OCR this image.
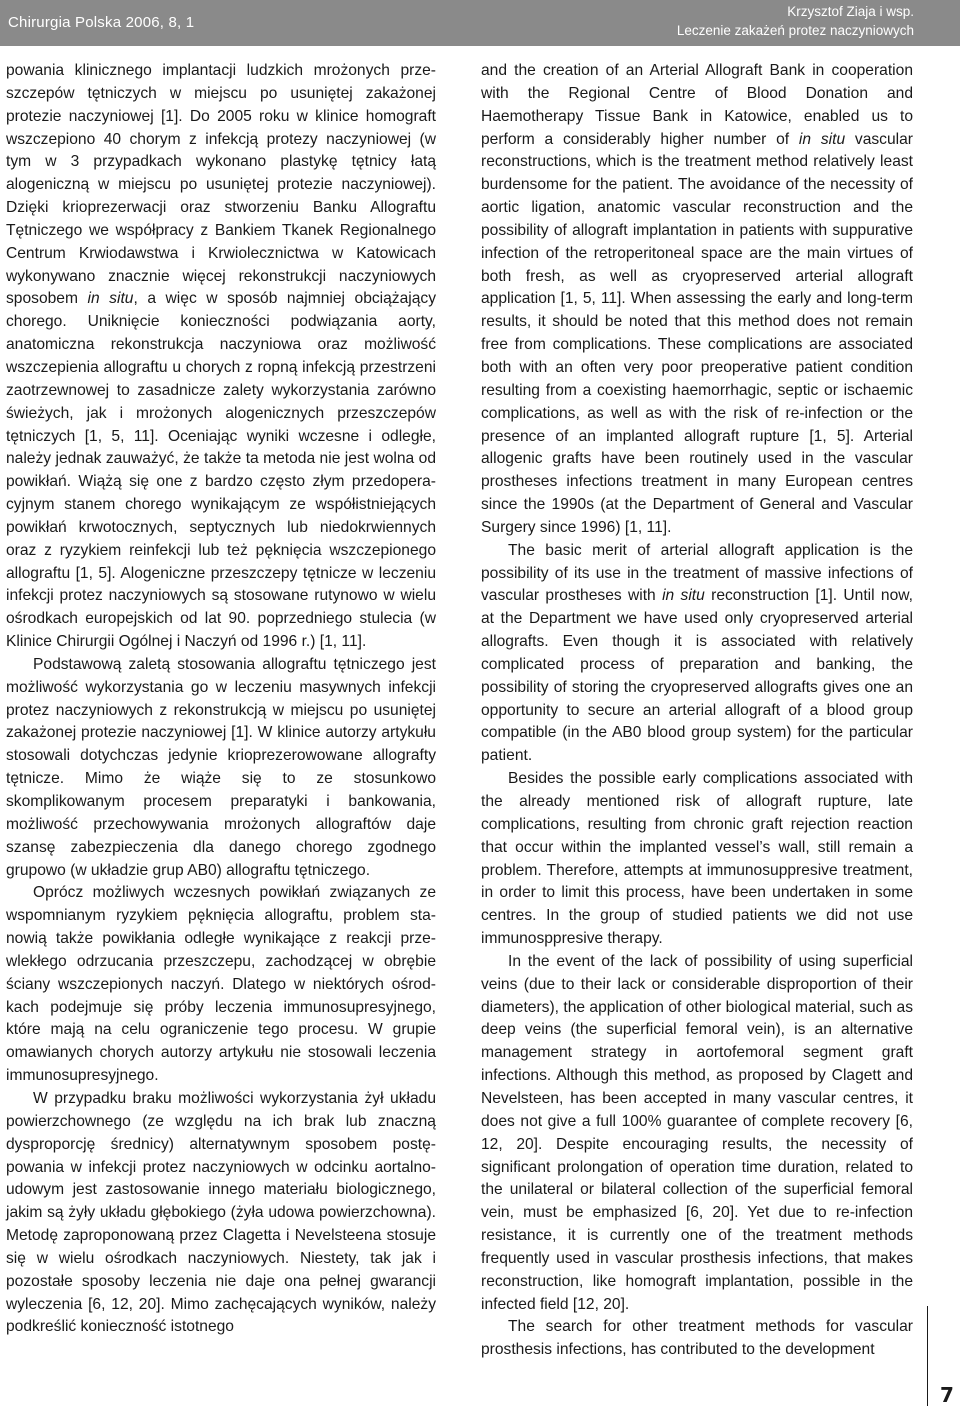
Chirurgia Polska 2006, 8, 1
Krzysztof Ziaja i wsp.
Leczenie zakażeń protez naczyniowych

powania klinicznego implantacji ludzkich mrożonych przeszczepów tętniczych w miejscu po usuniętej zakażonej protezie naczyniowej [1]. Do 2005 roku w klinice homograft wszczepiono 40 chorym z infekcją protezy naczyniowej (w tym w 3 przypadkach wykonano plastykę tętnicy łatą alogeniczną w miejscu po usuniętej protezie naczyniowej). Dzięki krioprezerwacji oraz stworzeniu Banku Allograftu Tętniczego we współpracy z Bankiem Tkanek Regionalnego Centrum Krwiodawstwa i Krwiolecznictwa w Katowicach wykonywano znacznie więcej rekonstrukcji naczyniowych sposobem in situ, a więc w sposób najmniej obciążający chorego. Uniknięcie konieczności podwiązania aorty, anatomiczna rekonstrukcja naczyniowa oraz możliwość wszczepienia allograftu u chorych z ropną infekcją przestrzeni zaotrzewnowej to zasadnicze zalety wykorzystania zarówno świeżych, jak i mrożonych alogenicznych przeszczepów tętniczych [1, 5, 11]. Oceniając wyniki wczesne i odległe, należy jednak zauważyć, że także ta metoda nie jest wolna od powikłań. Wiążą się one z bardzo często złym przedoperacyjnym stanem chorego wynikającym ze współistniejących powikłań krwotocznych, septycznych lub niedokrwiennych oraz z ryzykiem reinfekcji lub też pęknięcia wszczepionego allograftu [1, 5]. Alogeniczne przeszczepy tętnicze w leczeniu infekcji protez naczyniowych są stosowane rutynowo w wielu ośrodkach europejskich od lat 90. poprzedniego stulecia (w Klinice Chirurgii Ogólnej i Naczyń od 1996 r.) [1, 11].

Podstawową zaletą stosowania allograftu tętniczego jest możliwość wykorzystania go w leczeniu masywnych infekcji protez naczyniowych z rekonstrukcją w miejscu po usuniętej zakażonej protezie naczyniowej [1]. W klinice autorzy artykułu stosowali dotychczas jedynie krioprezerowowane allografty tętnicze. Mimo że wiąże się to ze stosunkowo skomplikowanym procesem preparatyki i bankowania, możliwość przechowywania mrożonych allograftów daje szansę zabezpieczenia dla danego chorego zgodnego grupowo (w układzie grup AB0) allograftu tętniczego.

Oprócz możliwych wczesnych powikłań związanych ze wspomnianym ryzykiem pęknięcia allograftu, problem stanowią także powikłania odległe wynikające z reakcji przewlekłego odrzucania przeszczepu, zachodzącej w obrębie ściany wszczepionych naczyń. Dlatego w niektórych ośrodkach podejmuje się próby leczenia immunosupresyjnego, które mają na celu ograniczenie tego procesu. W grupie omawianych chorych autorzy artykułu nie stosowali leczenia immunosupresyjnego.

W przypadku braku możliwości wykorzystania żył układu powierzchownego (ze względu na ich brak lub znaczną dysproporcję średnicy) alternatywnym sposobem postępowania w infekcji protez naczyniowych w odcinku aortalno-udowym jest zastosowanie innego materiału biologicznego, jakim są żyły układu głębokiego (żyła udowa powierzchowna). Metodę zaproponowaną przez Clagetta i Nevelsteena stosuje się w wielu ośrodkach naczyniowych. Niestety, tak jak i pozostałe sposoby leczenia nie daje ona pełnej gwarancji wyleczenia [6, 12, 20]. Mimo zachęcających wyników, należy podkreślić konieczność istotnego

and the creation of an Arterial Allograft Bank in cooperation with the Regional Centre of Blood Donation and Haemotherapy Tissue Bank in Katowice, enabled us to perform a considerably higher number of in situ vascular reconstructions, which is the treatment method relatively least burdensome for the patient. The avoidance of the necessity of aortic ligation, anatomic vascular reconstruction and the possibility of allograft implantation in patients with suppurative infection of the retroperitoneal space are the main virtues of both fresh, as well as cryopreserved arterial allograft application [1, 5, 11]. When assessing the early and long-term results, it should be noted that this method does not remain free from complications. These complications are associated both with an often very poor preoperative patient condition resulting from a coexisting haemorrhagic, septic or ischaemic complications, as well as with the risk of re-infection or the presence of an implanted allograft rupture [1, 5]. Arterial allogenic grafts have been routinely used in the vascular prostheses infections treatment in many European centres since the 1990s (at the Department of General and Vascular Surgery since 1996) [1, 11].

The basic merit of arterial allograft application is the possibility of its use in the treatment of massive infections of vascular prostheses with in situ reconstruction [1]. Until now, at the Department we have used only cryopreserved arterial allografts. Even though it is associated with relatively complicated process of preparation and banking, the possibility of storing the cryopreserved allografts gives one an opportunity to secure an arterial allograft of a blood group compatible (in the AB0 blood group system) for the particular patient.

Besides the possible early complications associated with the already mentioned risk of allograft rupture, late complications, resulting from chronic graft rejection reaction that occur within the implanted vessel’s wall, still remain a problem. Therefore, attempts at immunosuppresive treatment, in order to limit this process, have been undertaken in some centres. In the group of studied patients we did not use immunosppresive therapy.

In the event of the lack of possibility of using superficial veins (due to their lack or considerable disproportion of their diameters), the application of other biological material, such as deep veins (the superficial femoral vein), is an alternative management strategy in aortofemoral segment graft infections. Although this method, as proposed by Clagett and Nevelsteen, has been accepted in many vascular centres, it does not give a full 100% guarantee of complete recovery [6, 12, 20]. Despite encouraging results, the necessity of significant prolongation of operation time duration, related to the unilateral or bilateral collection of the superficial femoral vein, must be emphasized [6, 20]. Yet due to re-infection resistance, it is currently one of the treatment methods frequently used in vascular prosthesis infections, that makes reconstruction, like homograft implantation, possible in the infected field [12, 20].

The search for other treatment methods for vascular prosthesis infections, has contributed to the development

7
